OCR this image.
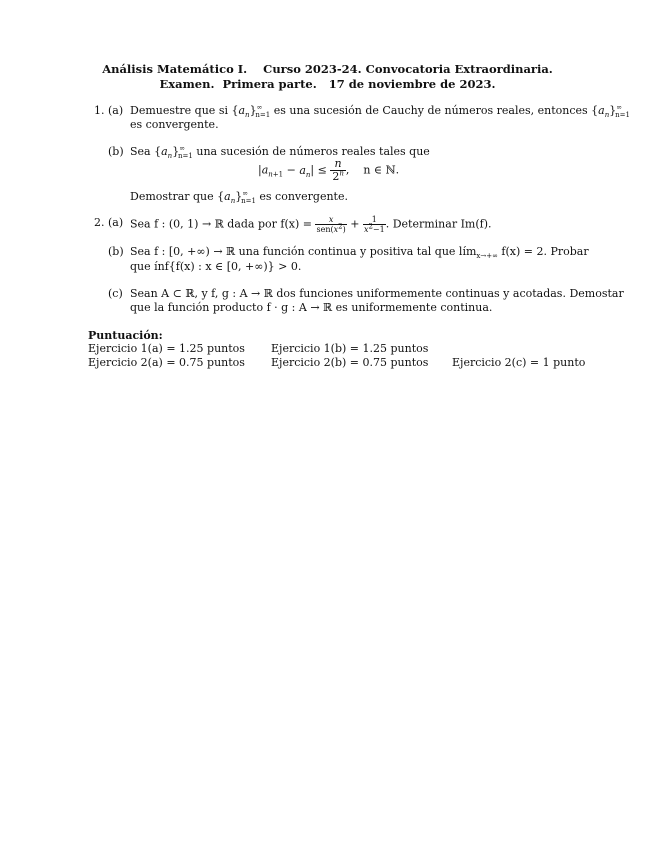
Análisis Matemático I.    Curso 2023-24. Convocatoria Extraordinaria.
Examen.  Primera parte.   17 de noviembre de 2023.
1. (a) Demuestre que si $\{a_n\}^\infty_{n=1}$ es una sucesión de Cauchy de números reales, entonces $\{a_n\}^\infty_{n=1}$
es convergente.
(b) Sea $\{a_n\}^\infty_{n=1}$ una sucesión de números reales tales que
$|a_{n+1} - a_n| \le \frac{n}{2^n}$ ,    n ∈ ℕ.
Demostrar que $\{a_n\}^\infty_{n=1}$ es convergente.
2. (a) Sea f : (0, 1) → ℝ dada por $f(x) = \frac{x}{sen(x^2)} + \frac{1}{x^2-1}$ . Determinar Im(f).
(b) Sea f : [0, +∞) → ℝ una función continua y positiva tal que lím$_{x\to+\infty}$ f(x) = 2. Probar
que ínf{f(x) : x ∈ [0, +∞)} > 0.
(c) Sean A ⊂ ℝ, y f, g : A → ℝ dos funciones uniformemente continuas y acotadas. Demostar
que la función producto f · g : A → ℝ es uniformemente continua.
Puntuación:
Ejercicio 1(a) = 1.25 puntos Ejercicio 1(b) = 1.25 puntos
Ejercicio 2(a) = 0.75 puntos Ejercicio 2(b) = 0.75 puntos Ejercicio 2(c) = 1 punto
